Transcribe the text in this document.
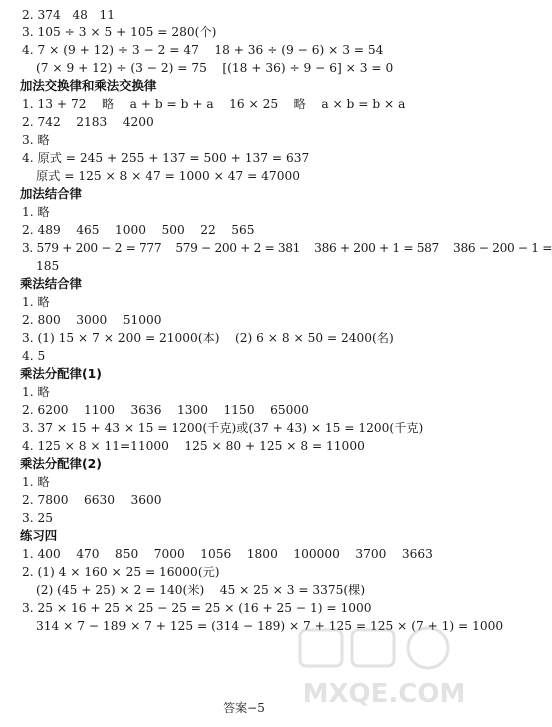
2. 374   48   11
3. 105 ÷ 3 × 5 + 105 = 280(个)
4. 7 × (9 + 12) ÷ 3 − 2 = 47    18 + 36 ÷ (9 − 6) × 3 = 54
(7 × 9 + 12) ÷ (3 − 2) = 75    [(18 + 36) ÷ 9 − 6] × 3 = 0
加法交换律和乘法交换律
1. 13 + 72    略    a + b = b + a    16 × 25    略    a × b = b × a
2. 742    2183    4200
3. 略
4. 原式 = 245 + 255 + 137 = 500 + 137 = 637
原式 = 125 × 8 × 47 = 1000 × 47 = 47000
加法结合律
1. 略
2. 489    465    1000    500    22    565
3. 579 + 200 − 2 = 777    579 − 200 + 2 = 381    386 + 200 + 1 = 587    386 − 200 − 1 =
185
乘法结合律
1. 略
2. 800    3000    51000
3. (1) 15 × 7 × 200 = 21000(本)    (2) 6 × 8 × 50 = 2400(名)
4. 5
乘法分配律(1)
1. 略
2. 6200    1100    3636    1300    1150    65000
3. 37 × 15 + 43 × 15 = 1200(千克)或(37 + 43) × 15 = 1200(千克)
4. 125 × 8 × 11=11000    125 × 80 + 125 × 8 = 11000
乘法分配律(2)
1. 略
2. 7800    6630    3600
3. 25
练习四
1. 400    470    850    7000    1056    1800    100000    3700    3663
2. (1) 4 × 160 × 25 = 16000(元)
(2) (45 + 25) × 2 = 140(米)    45 × 25 × 3 = 3375(棵)
3. 25 × 16 + 25 × 25 − 25 = 25 × (16 + 25 − 1) = 1000
314 × 7 − 189 × 7 + 125 = (314 − 189) × 7 + 125 = 125 × (7 + 1) = 1000
答案−5	MXQE.COM
